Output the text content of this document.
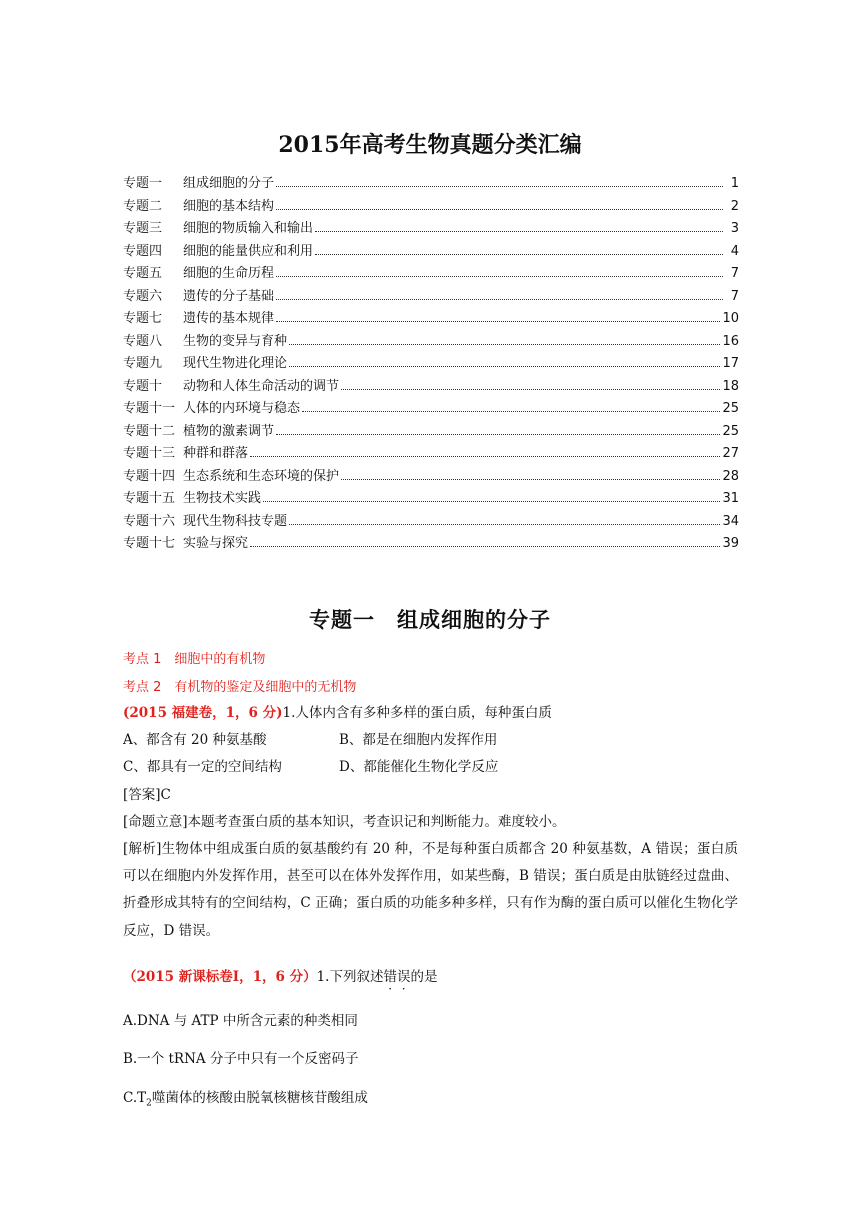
2015年高考生物真题分类汇编
专题一	组成细胞的分子	1
专题二	细胞的基本结构	2
专题三	细胞的物质输入和输出	3
专题四	细胞的能量供应和利用	4
专题五	细胞的生命历程	7
专题六	遗传的分子基础	7
专题七	遗传的基本规律	10
专题八	生物的变异与育种	16
专题九	现代生物进化理论	17
专题十	动物和人体生命活动的调节	18
专题十一 人体的内环境与稳态	25
专题十二 植物的激素调节	25
专题十三 种群和群落	27
专题十四 生态系统和生态环境的保护	28
专题十五 生物技术实践	31
专题十六 现代生物科技专题	34
专题十七 实验与探究	39
专题一　组成细胞的分子
考点 1　细胞中的有机物
考点 2　有机物的鉴定及细胞中的无机物
(2015 福建卷，1，6 分)1.人体内含有多种多样的蛋白质，每种蛋白质
A、都含有 20 种氨基酸	B、都是在细胞内发挥作用
C、都具有一定的空间结构	D、都能催化生物化学反应
[答案]C
[命题立意]本题考查蛋白质的基本知识，考查识记和判断能力。难度较小。
[解析]生物体中组成蛋白质的氨基酸约有 20 种，不是每种蛋白质都含 20 种氨基数，A 错误；蛋白质可以在细胞内外发挥作用，甚至可以在体外发挥作用，如某些酶，B 错误；蛋白质是由肽链经过盘曲、折叠形成其特有的空间结构，C 正确；蛋白质的功能多种多样，只有作为酶的蛋白质可以催化生物化学反应，D 错误。
（2015 新课标卷Ⅰ，1，6 分）1.下列叙述错误的是
A.DNA 与 ATP 中所含元素的种类相同
B.一个 tRNA 分子中只有一个反密码子
$C.T_2$噬菌体的核酸由脱氧核糖核苷酸组成
